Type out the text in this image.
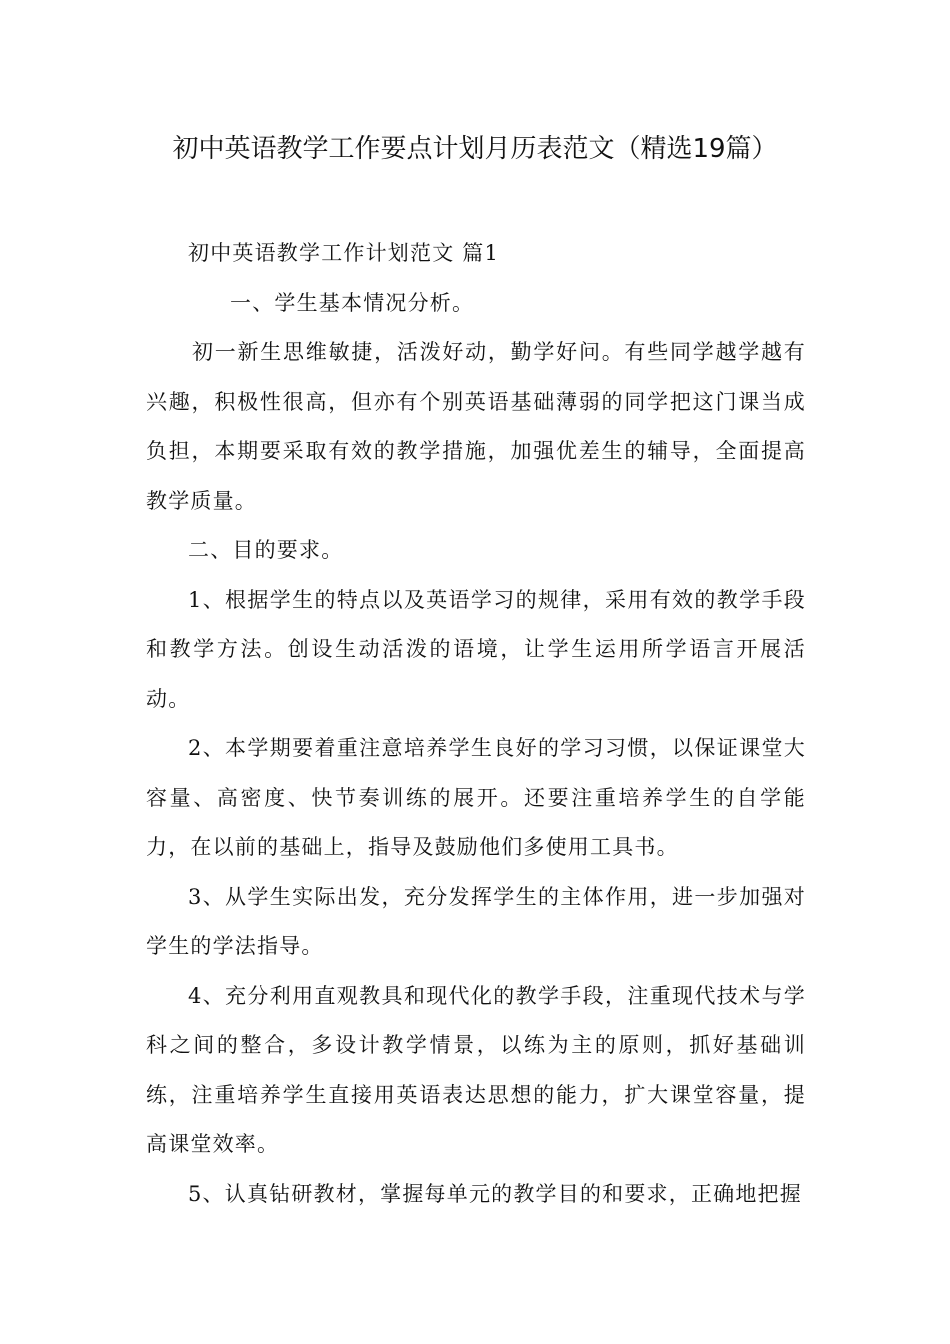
初中英语教学工作要点计划月历表范文（精选19篇）

初中英语教学工作计划范文 篇1

一、学生基本情况分析。

初一新生思维敏捷，活泼好动，勤学好问。有些同学越学越有兴趣，积极性很高，但亦有个别英语基础薄弱的同学把这门课当成负担，本期要采取有效的教学措施，加强优差生的辅导，全面提高教学质量。

二、目的要求。

1、根据学生的特点以及英语学习的规律，采用有效的教学手段和教学方法。创设生动活泼的语境，让学生运用所学语言开展活动。

2、本学期要着重注意培养学生良好的学习习惯，以保证课堂大容量、高密度、快节奏训练的展开。还要注重培养学生的自学能力，在以前的基础上，指导及鼓励他们多使用工具书。

3、从学生实际出发，充分发挥学生的主体作用，进一步加强对学生的学法指导。

4、充分利用直观教具和现代化的教学手段，注重现代技术与学科之间的整合，多设计教学情景，以练为主的原则，抓好基础训练，注重培养学生直接用英语表达思想的能力，扩大课堂容量，提高课堂效率。

5、认真钻研教材，掌握每单元的教学目的和要求，正确地把握
